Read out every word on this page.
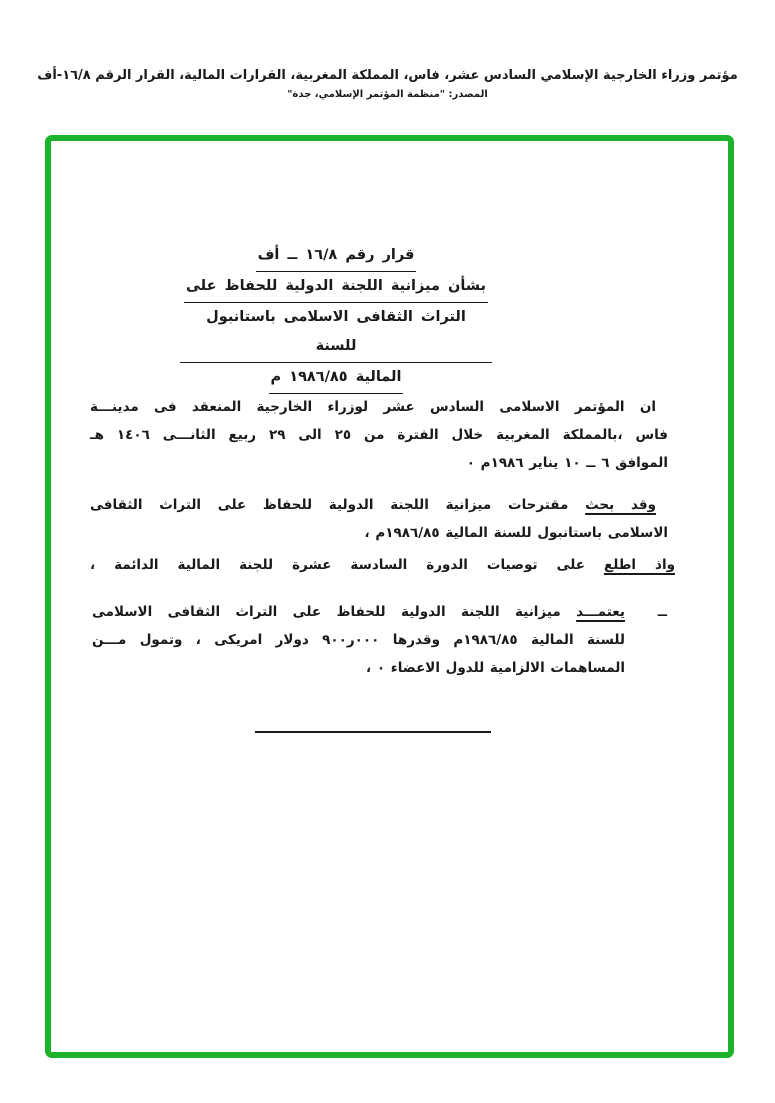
مؤتمر وزراء الخارجية الإسلامي السادس عشر، فاس، المملكة المغربية، القرارات المالية، القرار الرقم ١٦/٨-أف
المصدر: "منظمة المؤتمر الإسلامي، جدة"
قرار رقم ١٦/٨ ــ أف
بشأن ميزانية اللجنة الدولية للحفاظ على
التراث الثقافى الاسلامى باستانبول للسنة
المالية ١٩٨٦/٨٥ م
ان المؤتمر الاسلامى السادس عشر لوزراء الخارجية المنعقد فى مدينـــة
فاس ،بالمملكة المغربية خلال الفترة من ٢٥ الى ٢٩ ربيع الثانـــى ١٤٠٦ هـ
الموافق ٦ ــ ١٠ يناير ١٩٨٦م ٠
وقد بحث مقترحات ميزانية اللجنة الدولية للحفاظ على التراث الثقافى
الاسلامى باستانبول للسنة المالية ١٩٨٦/٨٥م ،
واذ اطلع على توصيات الدورة السادسة عشرة للجنة المالية الدائمة ،
ــ
يعتمـــد ميزانية اللجنة الدولية للحفاظ على التراث الثقافى الاسلامى
للسنة المالية ١٩٨٦/٨٥م وقدرها ٠٠٠ر٩٠٠ دولار امريكى ، وتمول مـــن
المساهمات الالزامية للدول الاعضاء ٠ ،
